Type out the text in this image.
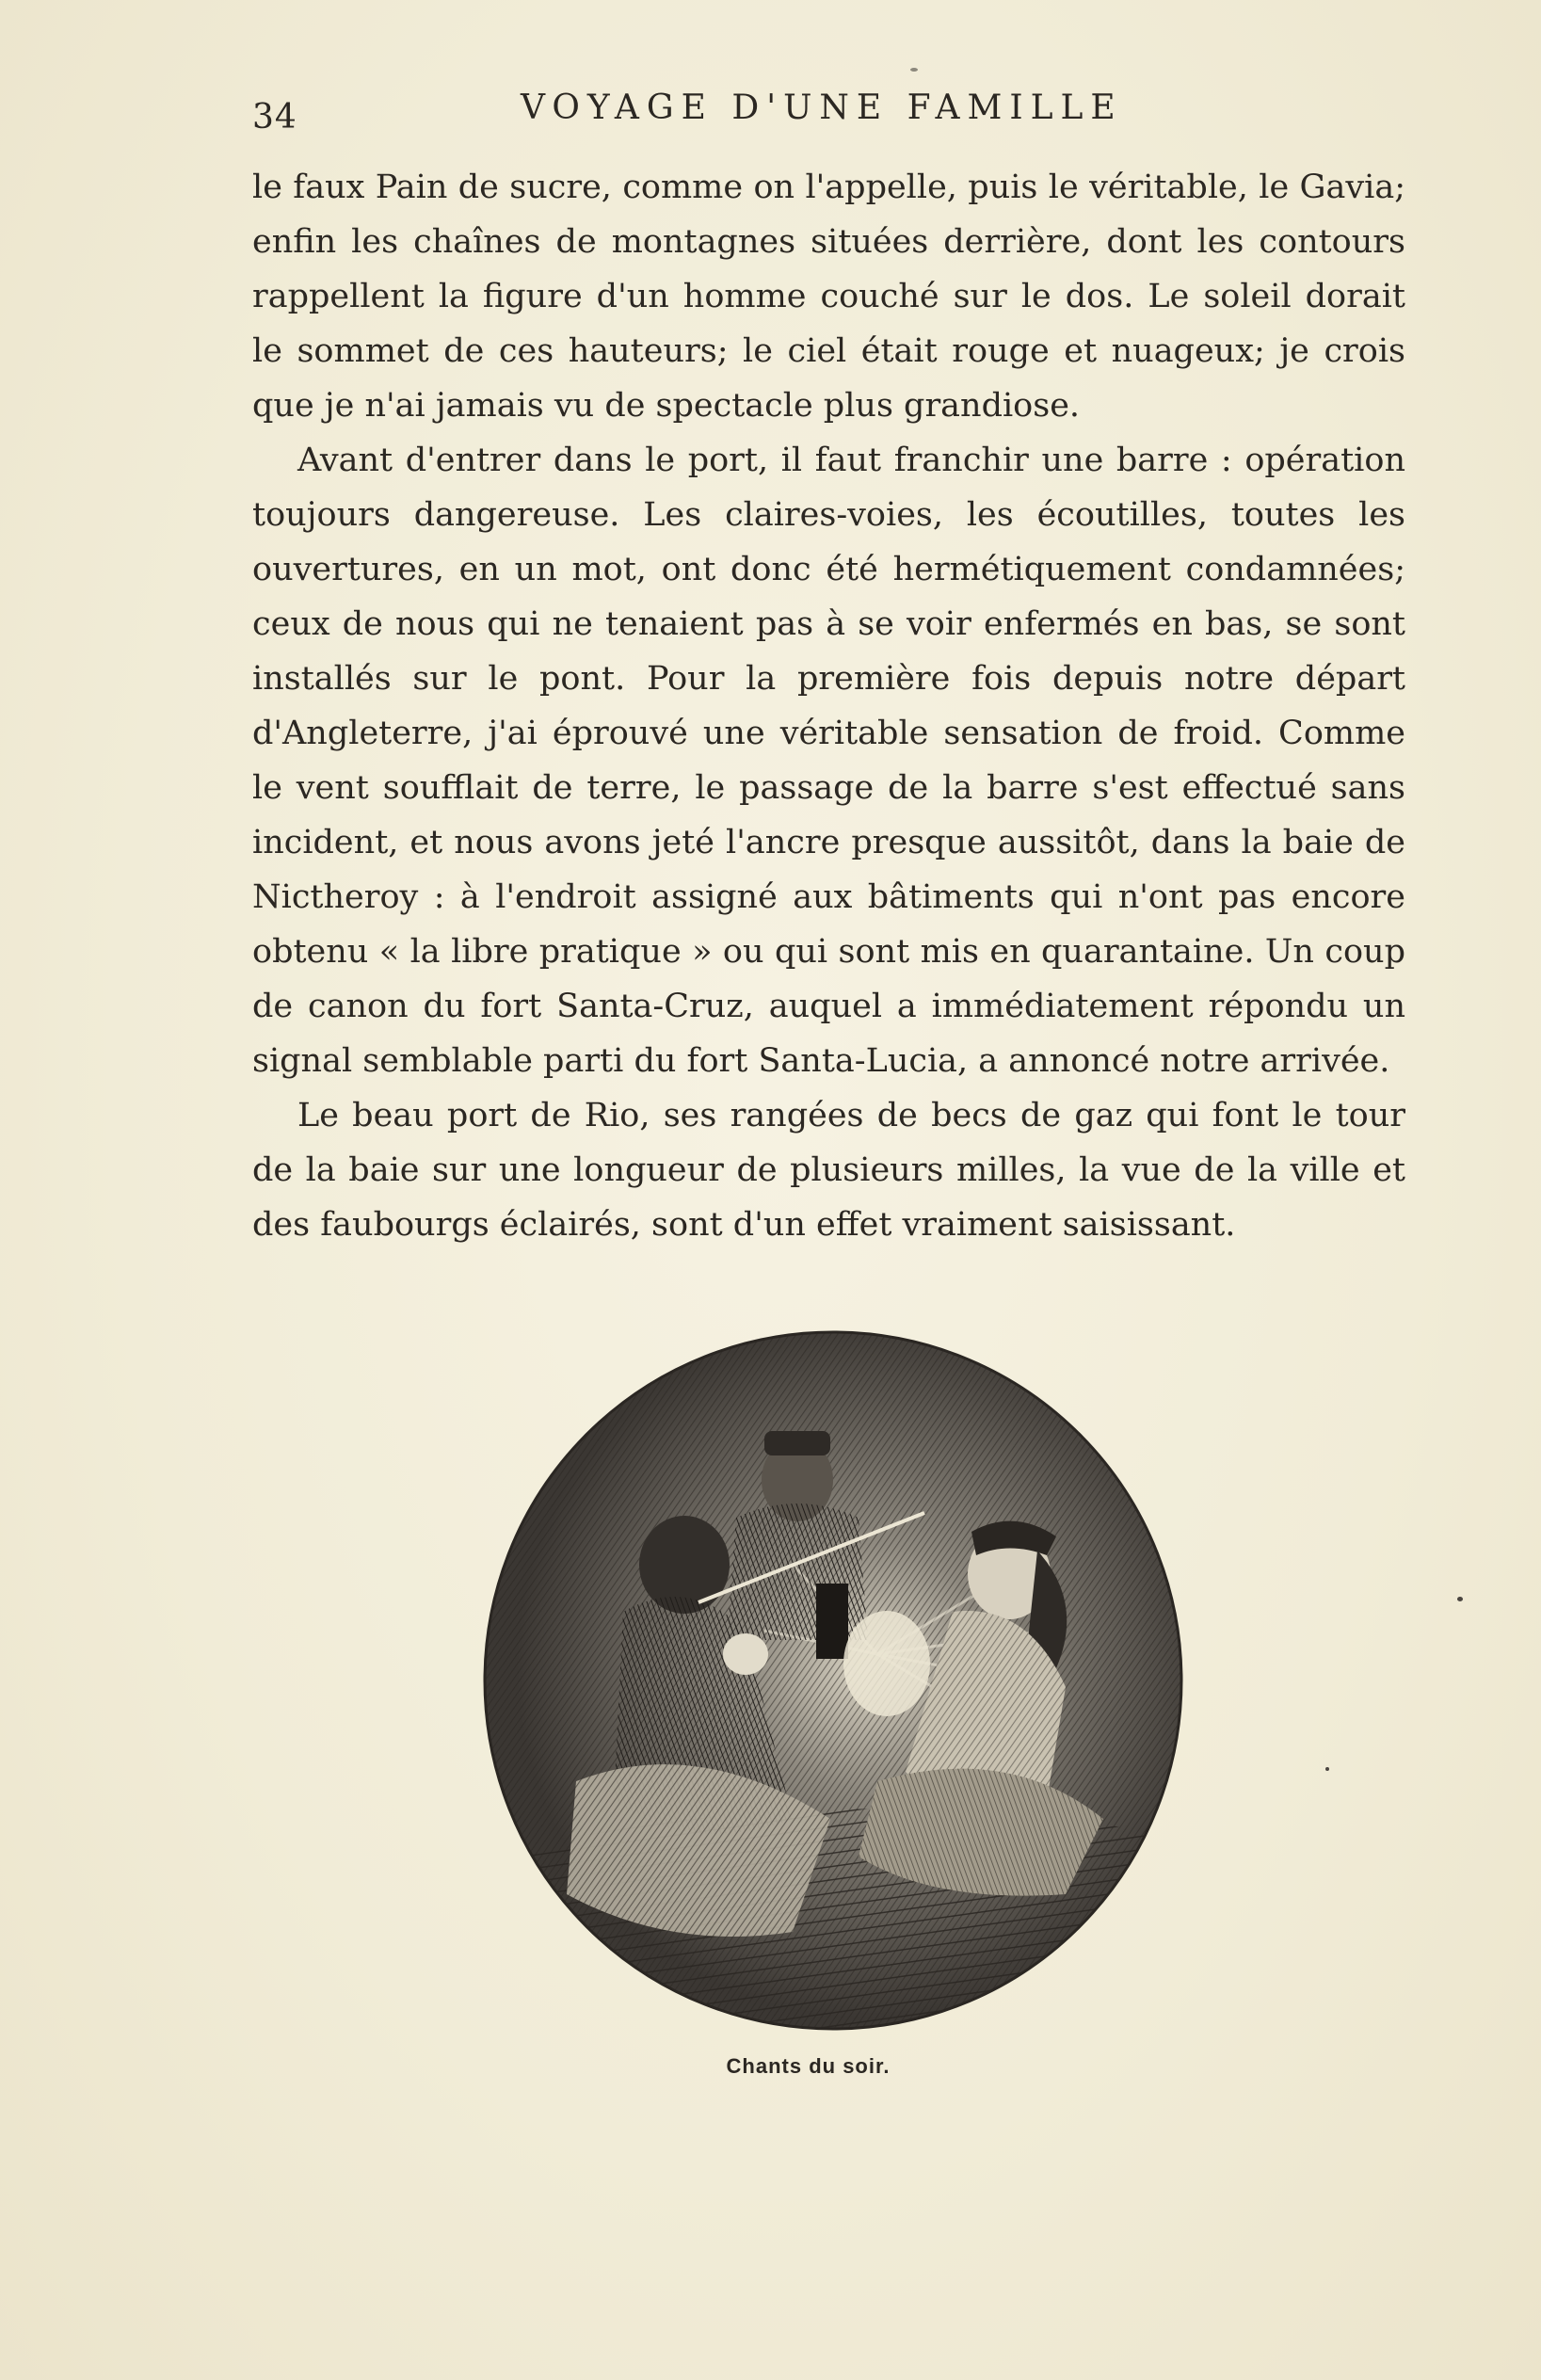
34	VOYAGE D'UNE FAMILLE

le faux Pain de sucre, comme on l'appelle, puis le véritable, le Gavia; enfin les chaînes de montagnes situées derrière, dont les contours rappellent la figure d'un homme couché sur le dos. Le soleil dorait le sommet de ces hauteurs; le ciel était rouge et nuageux; je crois que je n'ai jamais vu de spectacle plus grandiose.

Avant d'entrer dans le port, il faut franchir une barre : opération toujours dangereuse. Les claires-voies, les écoutilles, toutes les ouvertures, en un mot, ont donc été hermétiquement condamnées; ceux de nous qui ne tenaient pas à se voir enfermés en bas, se sont installés sur le pont. Pour la première fois depuis notre départ d'Angleterre, j'ai éprouvé une véritable sensation de froid. Comme le vent soufflait de terre, le passage de la barre s'est effectué sans incident, et nous avons jeté l'ancre presque aussitôt, dans la baie de Nictheroy : à l'endroit assigné aux bâtiments qui n'ont pas encore obtenu « la libre pratique » ou qui sont mis en quarantaine. Un coup de canon du fort Santa-Cruz, auquel a immédiatement répondu un signal semblable parti du fort Santa-Lucia, a annoncé notre arrivée.

Le beau port de Rio, ses rangées de becs de gaz qui font le tour de la baie sur une longueur de plusieurs milles, la vue de la ville et des faubourgs éclairés, sont d'un effet vraiment saisissant.

Chants du soir.
